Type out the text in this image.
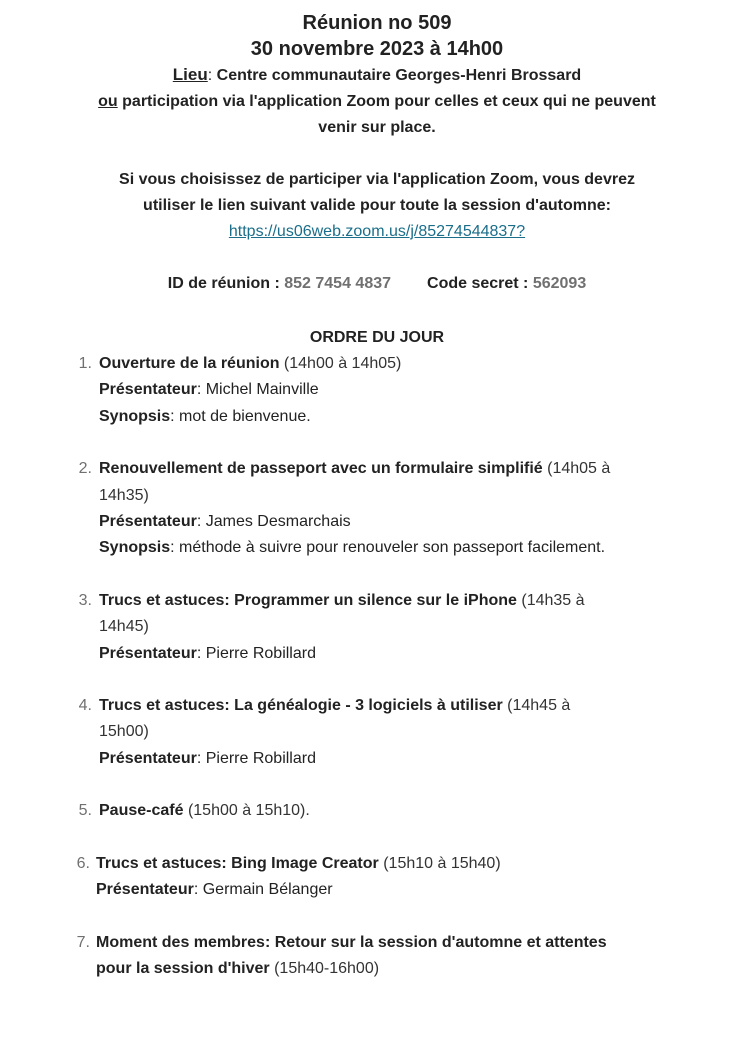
Réunion no 509
30 novembre 2023 à 14h00
Lieu: Centre communautaire Georges-Henri Brossard
ou participation via l'application Zoom pour celles et ceux qui ne peuvent
venir sur place.
Si vous choisissez de participer via l'application Zoom, vous devrez
utiliser le lien suivant valide pour toute la session d'automne:
https://us06web.zoom.us/j/85274544837?
ID de réunion : 852 7454 4837 Code secret : 562093
ORDRE DU JOUR
1. Ouverture de la réunion (14h00 à 14h05)
Présentateur: Michel Mainville
Synopsis: mot de bienvenue.
2. Renouvellement de passeport avec un formulaire simplifié (14h05 à
14h35)
Présentateur: James Desmarchais
Synopsis: méthode à suivre pour renouveler son passeport facilement.
3. Trucs et astuces: Programmer un silence sur le iPhone (14h35 à
14h45)
Présentateur: Pierre Robillard
4. Trucs et astuces: La généalogie - 3 logiciels à utiliser (14h45 à
15h00)
Présentateur: Pierre Robillard
5. Pause-café (15h00 à 15h10).
6. Trucs et astuces: Bing Image Creator (15h10 à 15h40)
Présentateur: Germain Bélanger
7. Moment des membres: Retour sur la session d'automne et attentes
pour la session d'hiver (15h40-16h00)
